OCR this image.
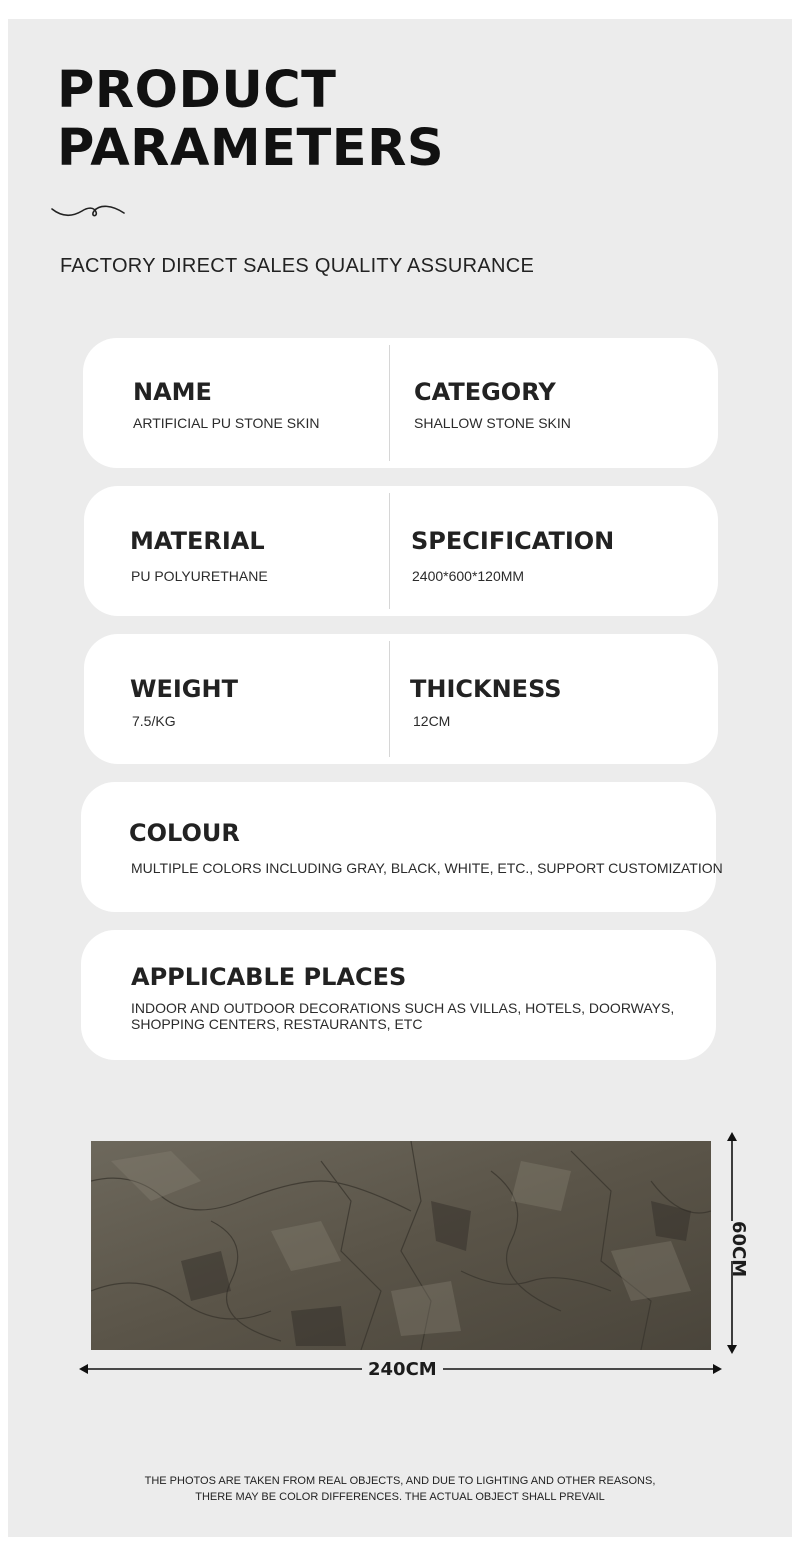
PRODUCT
PARAMETERS

FACTORY DIRECT SALES QUALITY ASSURANCE

NAME

ARTIFICIAL PU STONE SKIN

CATEGORY

SHALLOW STONE SKIN

MATERIAL

PU POLYURETHANE

SPECIFICATION

2400*600*120MM

WEIGHT

7.5/KG

THICKNESS

12CM

COLOUR

MULTIPLE COLORS INCLUDING GRAY, BLACK, WHITE, ETC., SUPPORT CUSTOMIZATION

APPLICABLE PLACES

INDOOR AND OUTDOOR DECORATIONS SUCH AS VILLAS, HOTELS, DOORWAYS, SHOPPING CENTERS, RESTAURANTS, ETC

60CM
240CM

THE PHOTOS ARE TAKEN FROM REAL OBJECTS, AND DUE TO LIGHTING AND OTHER REASONS,
THERE MAY BE COLOR DIFFERENCES. THE ACTUAL OBJECT SHALL PREVAIL
